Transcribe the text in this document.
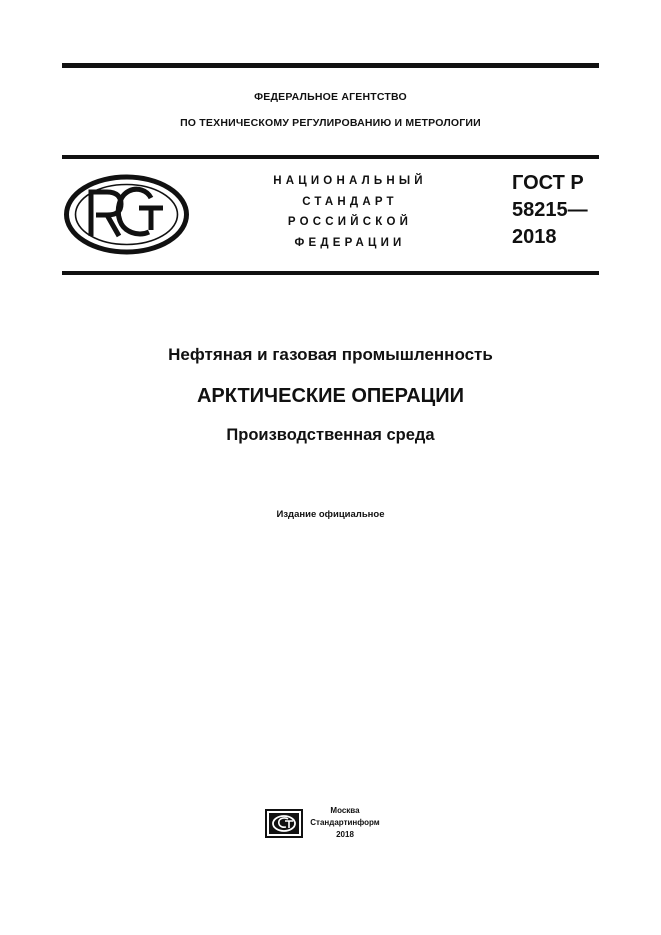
ФЕДЕРАЛЬНОЕ АГЕНТСТВО
ПО ТЕХНИЧЕСКОМУ РЕГУЛИРОВАНИЮ И МЕТРОЛОГИИ
НАЦИОНАЛЬНЫЙ
СТАНДАРТ
РОССИЙСКОЙ
ФЕДЕРАЦИИ
ГОСТ Р
58215—
2018
Нефтяная и газовая промышленность
АРКТИЧЕСКИЕ ОПЕРАЦИИ
Производственная среда
Издание официальное
Москва
Стандартинформ
2018
